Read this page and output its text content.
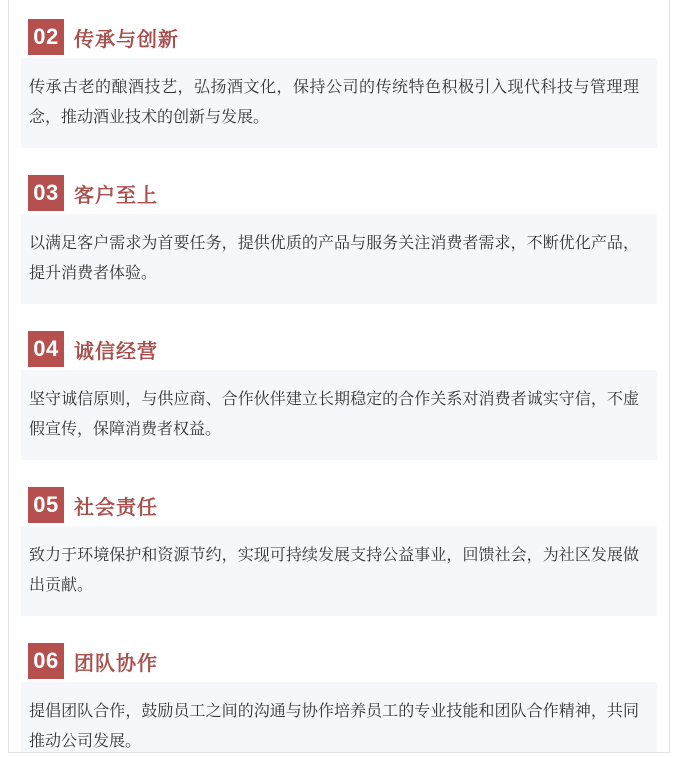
02 传承与创新

传承古老的酿酒技艺，弘扬酒文化，保持公司的传统特色积极引入现代科技与管理理念，推动酒业技术的创新与发展。

03 客户至上

以满足客户需求为首要任务，提供优质的产品与服务关注消费者需求，不断优化产品，提升消费者体验。

04 诚信经营

坚守诚信原则，与供应商、合作伙伴建立长期稳定的合作关系对消费者诚实守信，不虚假宣传，保障消费者权益。

05 社会责任

致力于环境保护和资源节约，实现可持续发展支持公益事业，回馈社会，为社区发展做出贡献。

06 团队协作

提倡团队合作，鼓励员工之间的沟通与协作培养员工的专业技能和团队合作精神，共同推动公司发展。
